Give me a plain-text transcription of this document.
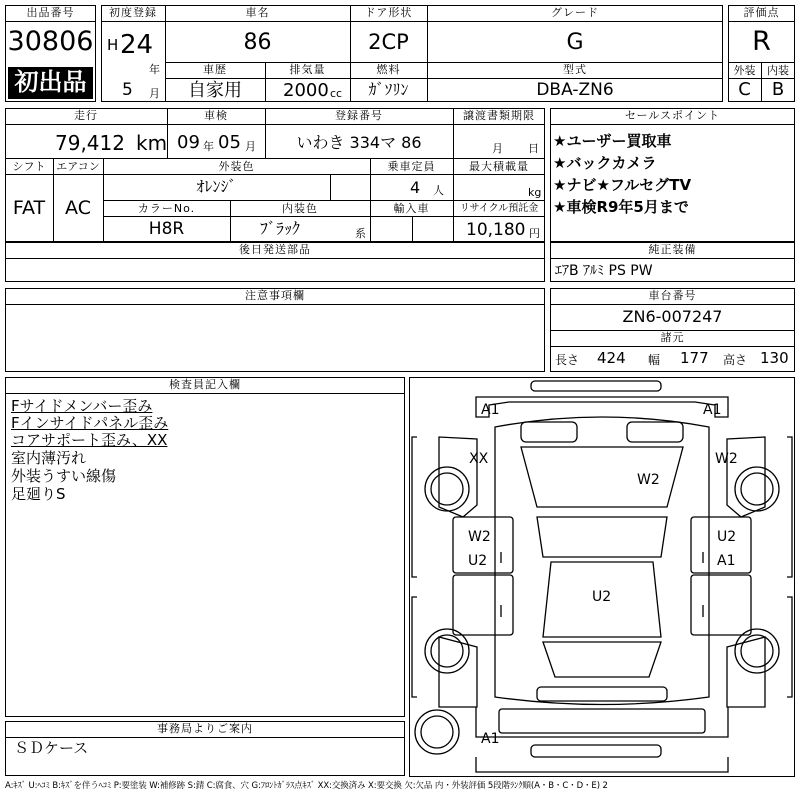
出品番号
30806
初出品
初度登録
H 24
年
5 月
車名
86
ドア形状
2CP
グレード
G
車歴
自家用
排気量
2000 cc
燃料
ｶﾞｿﾘﾝ
型式
DBA-ZN6
評価点
R
外装	内装
C	B
走行
79,412 km
車検
09 年 05 月
登録番号
いわき 334マ 86
譲渡書類期限
月 日
シフト
FAT
エアコン
AC
外装色
ｵﾚﾝｼﾞ
乗車定員
4 人
最大積載量
kg
カラーNo.
H8R
内装色
ﾌﾞﾗｯｸ	系
輸入車	リサイクル預託金
10,180 円
セールスポイント
★ユーザー買取車
★バックカメラ
★ナビ★フルセグTV
★車検R9年5月まで
後日発送部品	純正装備
ｴｱB ｱﾙﾐ PS PW
注意事項欄	車台番号
ZN6-007247
諸元
長さ 424 幅 177 高さ 130
検査員記入欄
Fサイドメンバー歪み
Fインサイドパネル歪み
コアサポート歪み、XX
室内薄汚れ
外装うすい線傷
足廻りS
事務局よりご案内
ＳＤケース
A1	A1
XX	W2
W2
W2
U2
U2
U2
A1
A1
A:ｷｽﾞ U:ﾍｺﾐ B:ｷｽﾞを伴うﾍｺﾐ P:要塗装 W:補修跡 S:錆 C:腐食、穴 G:ﾌﾛﾝﾄｶﾞﾗｽ点ｷｽﾞ XX:交換済み X:要交換 欠:欠品 内・外装評価 5段階ﾗﾝｸ順(A・B・C・D・E) 2
